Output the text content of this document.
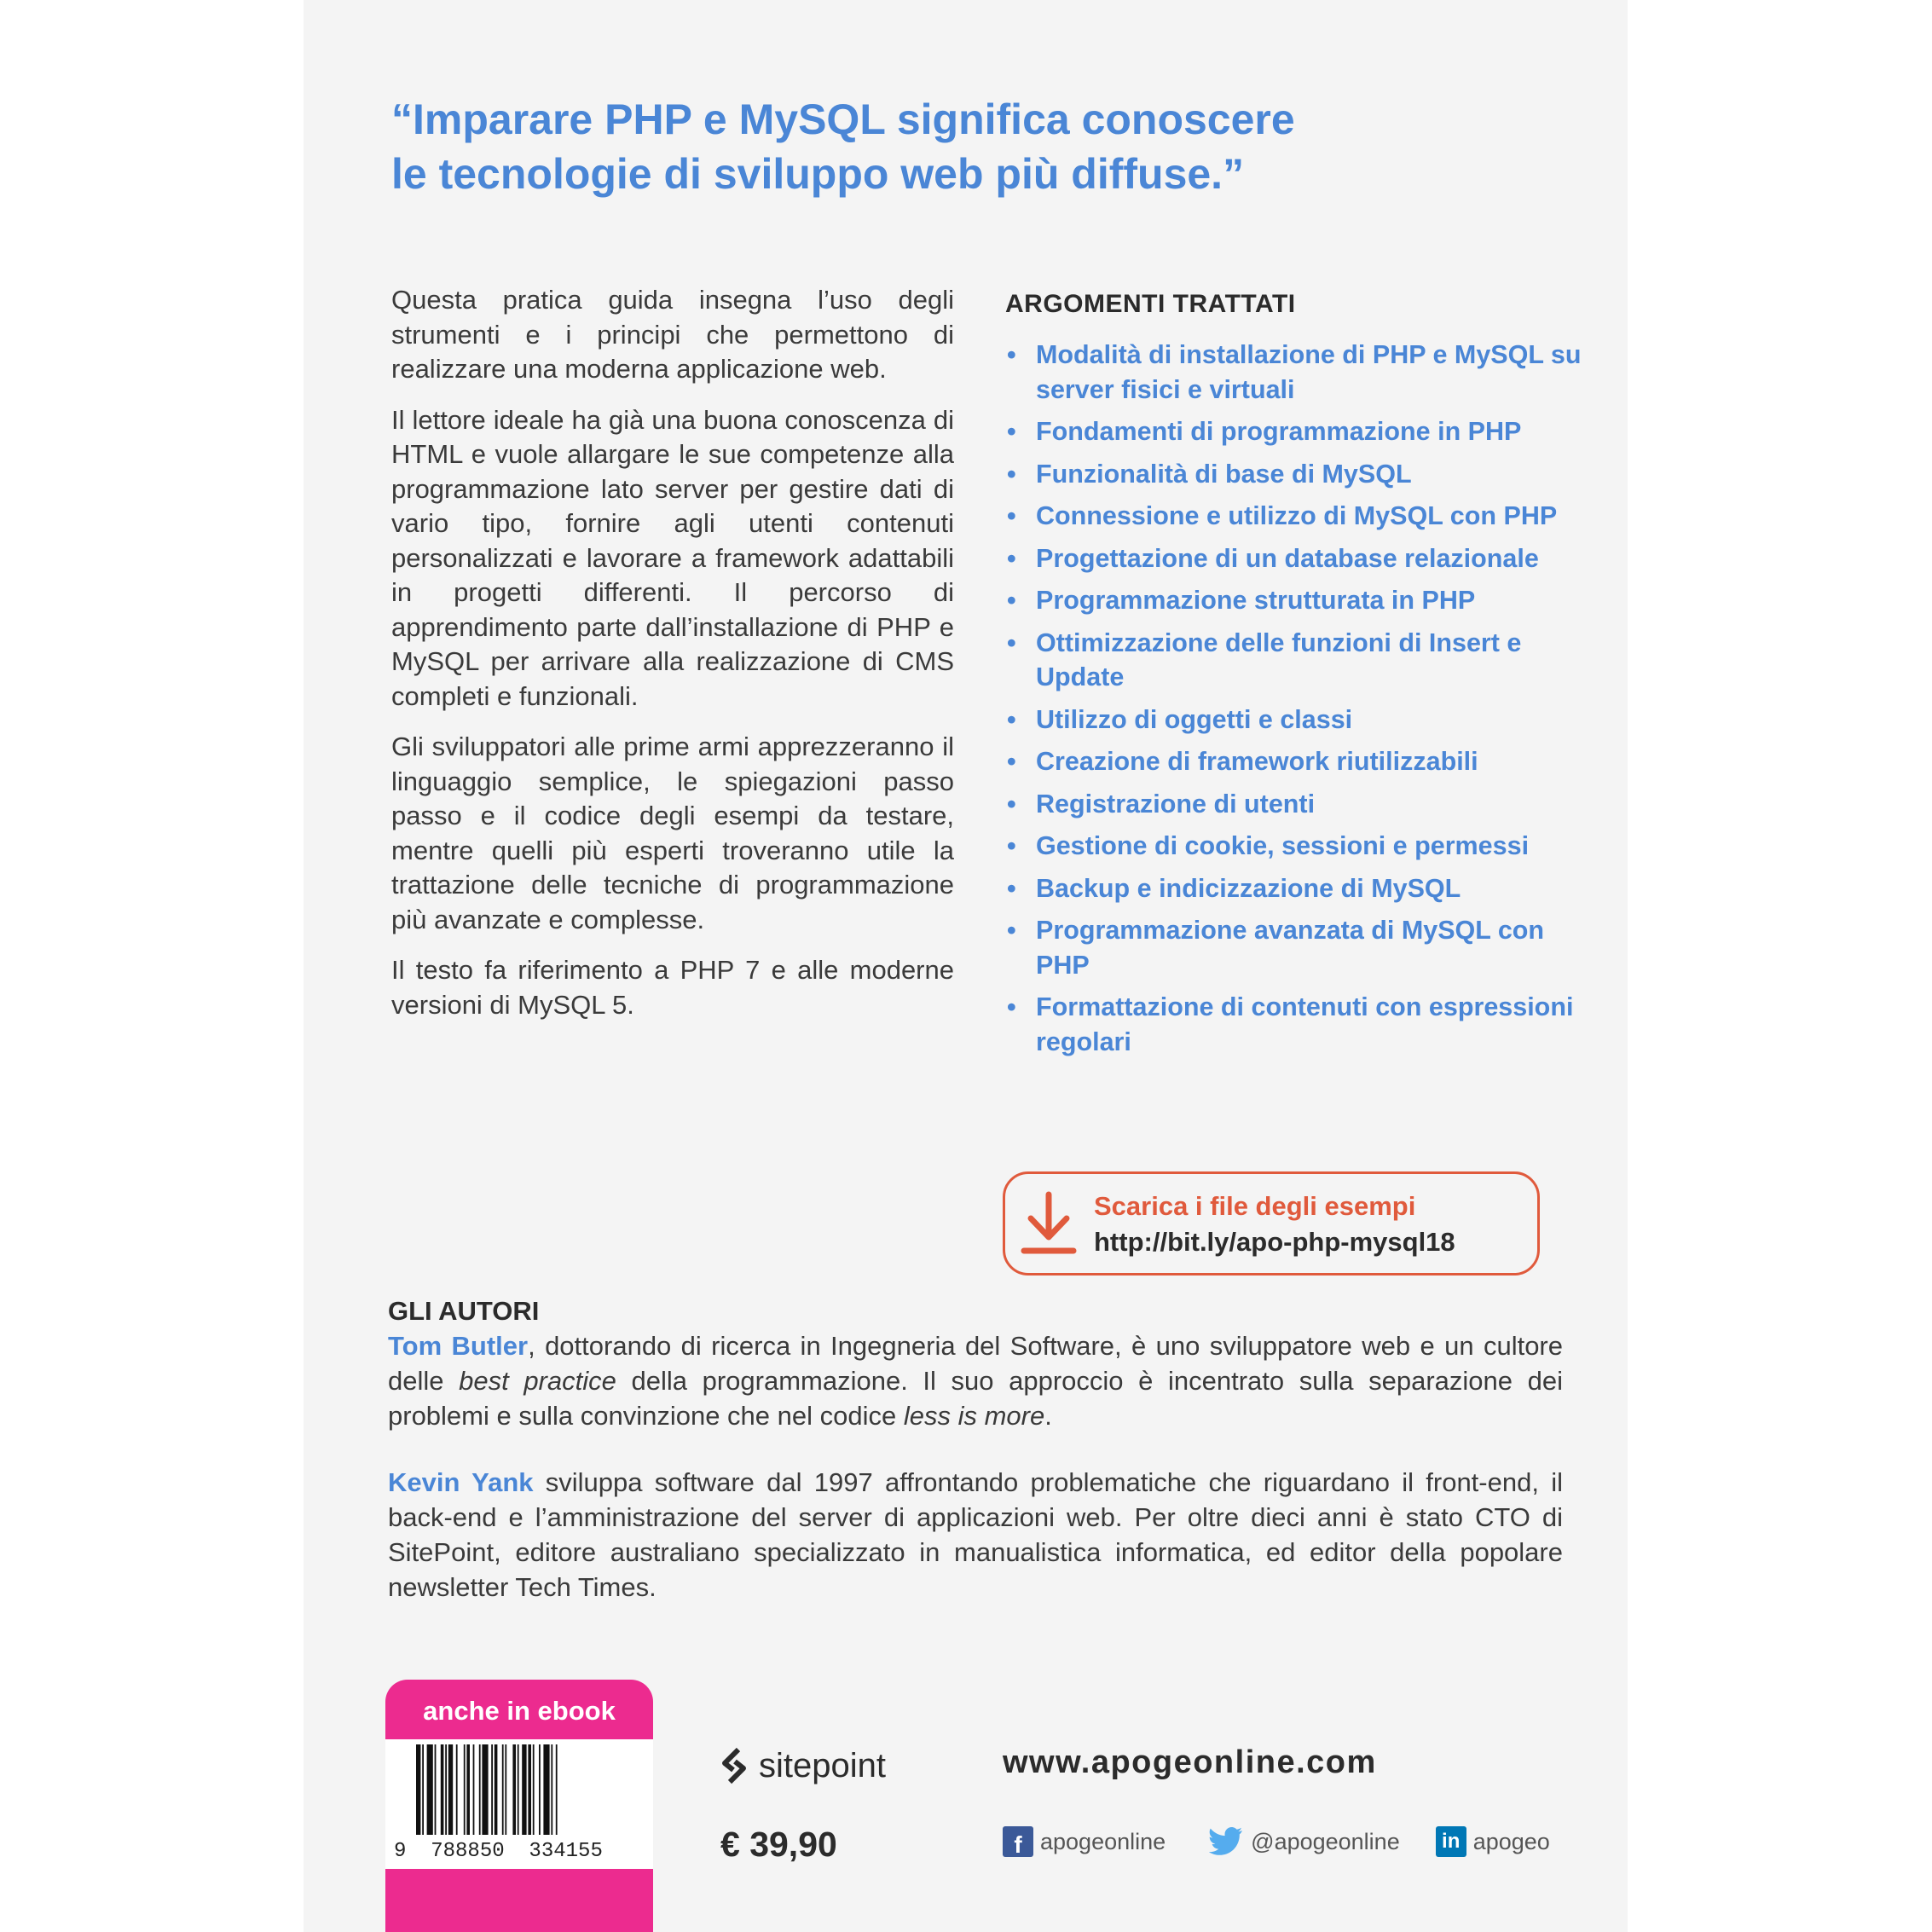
“Imparare PHP e MySQL significa conoscere
le tecnologie di sviluppo web più diffuse.”

Questa pratica guida insegna l’uso degli strumenti e i principi che permettono di realizzare una moderna applicazione web.

Il lettore ideale ha già una buona conoscenza di HTML e vuole allargare le sue competenze alla programmazione lato server per gestire dati di vario tipo, fornire agli utenti contenuti personalizzati e lavorare a framework adattabili in progetti differenti. Il percorso di apprendimento parte dall’installazione di PHP e MySQL per arrivare alla realizzazione di CMS completi e funzionali.

Gli sviluppatori alle prime armi apprezzeranno il linguaggio semplice, le spiegazioni passo passo e il codice degli esempi da testare, mentre quelli più esperti troveranno utile la trattazione delle tecniche di programmazione più avanzate e complesse.

Il testo fa riferimento a PHP 7 e alle moderne versioni di MySQL 5.

ARGOMENTI TRATTATI
• Modalità di installazione di PHP e MySQL su server fisici e virtuali
• Fondamenti di programmazione in PHP
• Funzionalità di base di MySQL
• Connessione e utilizzo di MySQL con PHP
• Progettazione di un database relazionale
• Programmazione strutturata in PHP
• Ottimizzazione delle funzioni di Insert e Update
• Utilizzo di oggetti e classi
• Creazione di framework riutilizzabili
• Registrazione di utenti
• Gestione di cookie, sessioni e permessi
• Backup e indicizzazione di MySQL
• Programmazione avanzata di MySQL con PHP
• Formattazione di contenuti con espressioni regolari
Scarica i file degli esempi
http://bit.ly/apo-php-mysql18
GLI AUTORI

Tom Butler, dottorando di ricerca in Ingegneria del Software, è uno sviluppatore web e un cultore delle best practice della programmazione. Il suo approccio è incentrato sulla separazione dei problemi e sulla convinzione che nel codice less is more.

Kevin Yank sviluppa software dal 1997 affrontando problematiche che riguardano il front-end, il back-end e l’amministrazione del server di applicazioni web. Per oltre dieci anni è stato CTO di SitePoint, editore australiano specializzato in manualistica informatica, ed editor della popolare newsletter Tech Times.

anche in ebook
9  788850  334155
sitepoint
€ 39,90
www.apogeonline.com
f apogeonline	@apogeonline	in apogeo
